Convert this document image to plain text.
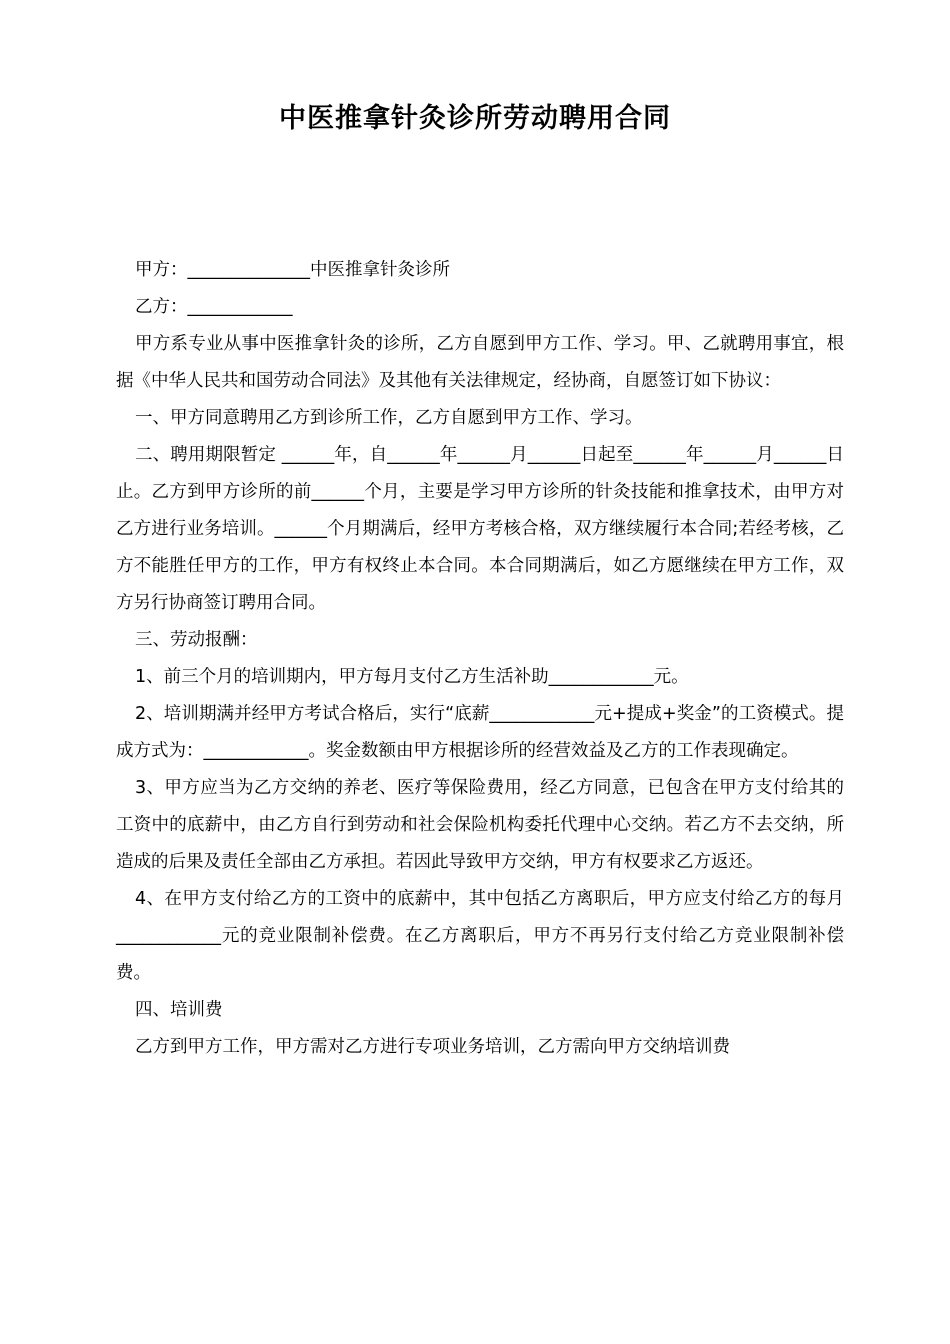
中医推拿针灸诊所劳动聘用合同

甲方：______________中医推拿针灸诊所

乙方：____________

甲方系专业从事中医推拿针灸的诊所，乙方自愿到甲方工作、学习。甲、乙就聘用事宜，根据《中华人民共和国劳动合同法》及其他有关法律规定，经协商，自愿签订如下协议：

一、甲方同意聘用乙方到诊所工作，乙方自愿到甲方工作、学习。

二、聘用期限暂定 ______年，自______年______月______日起至______年______月______日止。乙方到甲方诊所的前______个月，主要是学习甲方诊所的针灸技能和推拿技术，由甲方对乙方进行业务培训。______个月期满后，经甲方考核合格，双方继续履行本合同;若经考核，乙方不能胜任甲方的工作，甲方有权终止本合同。本合同期满后，如乙方愿继续在甲方工作，双方另行协商签订聘用合同。

三、劳动报酬：

1、前三个月的培训期内，甲方每月支付乙方生活补助____________元。

2、培训期满并经甲方考试合格后，实行“底薪____________元+提成+奖金”的工资模式。提成方式为：____________。奖金数额由甲方根据诊所的经营效益及乙方的工作表现确定。

3、甲方应当为乙方交纳的养老、医疗等保险费用，经乙方同意，已包含在甲方支付给其的工资中的底薪中，由乙方自行到劳动和社会保险机构委托代理中心交纳。若乙方不去交纳，所造成的后果及责任全部由乙方承担。若因此导致甲方交纳，甲方有权要求乙方返还。

4、在甲方支付给乙方的工资中的底薪中，其中包括乙方离职后，甲方应支付给乙方的每月____________元的竞业限制补偿费。在乙方离职后，甲方不再另行支付给乙方竞业限制补偿费。

四、培训费

乙方到甲方工作，甲方需对乙方进行专项业务培训，乙方需向甲方交纳培训费
